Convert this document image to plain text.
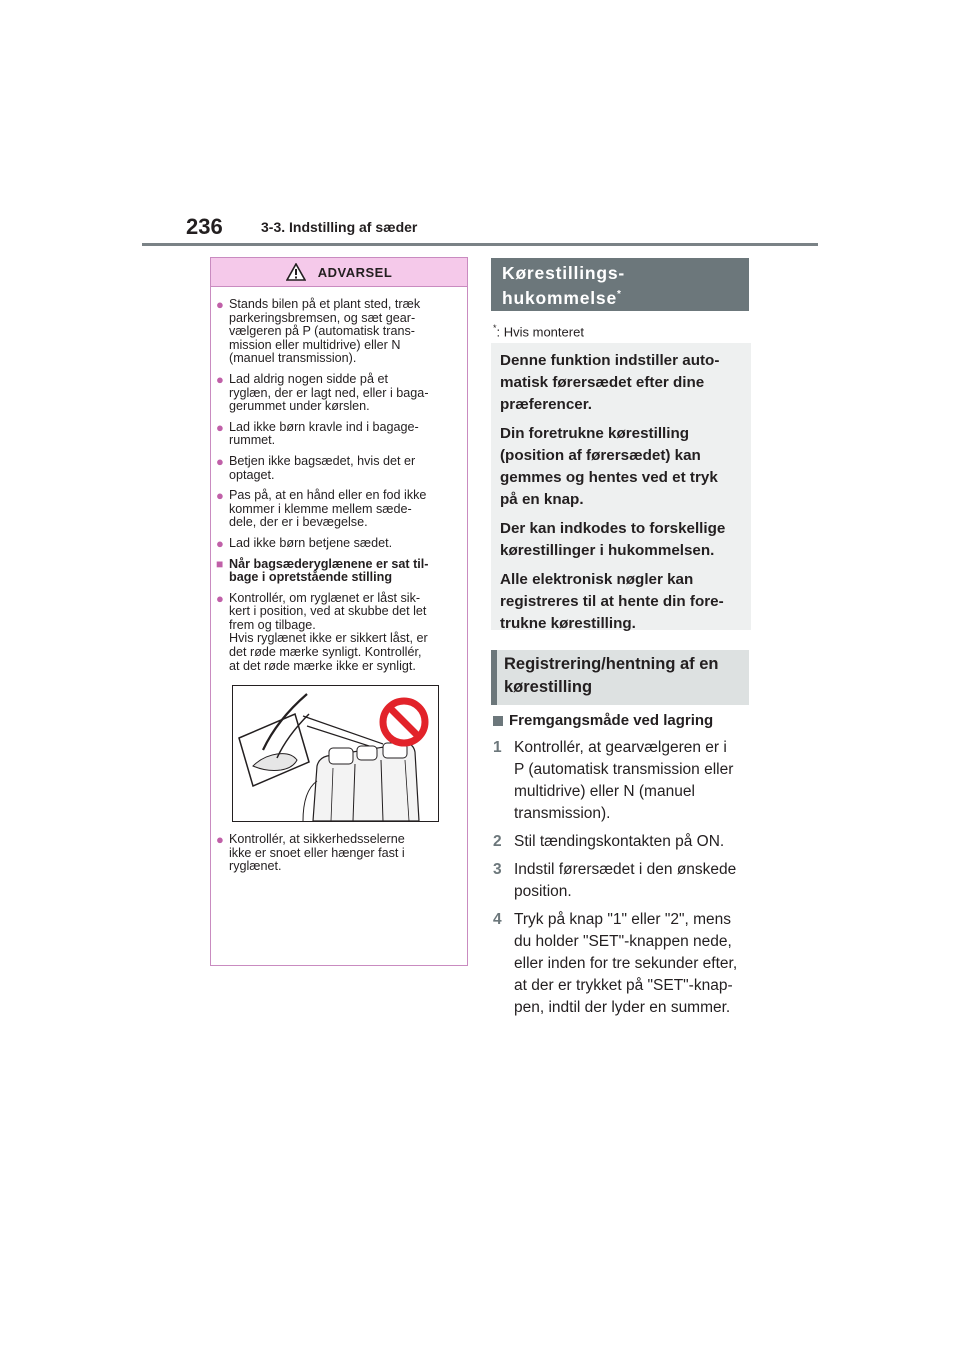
236	3-3. Indstilling af sæder
ADVARSEL
● Stands bilen på et plant sted, træk
parkeringsbremsen, og sæt gear-
vælgeren på P (automatisk trans-
mission eller multidrive) eller N
(manuel transmission).
● Lad aldrig nogen sidde på et
ryglæn, der er lagt ned, eller i baga-
gerummet under kørslen.
● Lad ikke børn kravle ind i bagage-
rummet.
● Betjen ikke bagsædet, hvis det er
optaget.
● Pas på, at en hånd eller en fod ikke
kommer i klemme mellem sæde-
dele, der er i bevægelse.
● Lad ikke børn betjene sædet.
■ Når bagsæderyglænene er sat til-
bage i opretstående stilling
● Kontrollér, om ryglænet er låst sik-
kert i position, ved at skubbe det let
frem og tilbage.
Hvis ryglænet ikke er sikkert låst, er
det røde mærke synligt. Kontrollér,
at det røde mærke ikke er synligt.
● Kontrollér, at sikkerhedsselerne
ikke er snoet eller hænger fast i
ryglænet.
Kørestillings-
hukommelse*
*: Hvis monteret

Denne funktion indstiller auto-
matisk førersædet efter dine
præferencer.

Din foretrukne kørestilling
(position af førersædet) kan
gemmes og hentes ved et tryk
på en knap.

Der kan indkodes to forskellige
kørestillinger i hukommelsen.

Alle elektronisk nøgler kan
registreres til at hente din fore-
trukne kørestilling.

Registrering/hentning af en
kørestilling
Fremgangsmåde ved lagring
1 Kontrollér, at gearvælgeren er i
P (automatisk transmission eller
multidrive) eller N (manuel
transmission).
2 Stil tændingskontakten på ON.
3 Indstil førersædet i den ønskede
position.
4 Tryk på knap "1" eller "2", mens
du holder "SET"-knappen nede,
eller inden for tre sekunder efter,
at der er trykket på "SET"-knap-
pen, indtil der lyder en summer.
